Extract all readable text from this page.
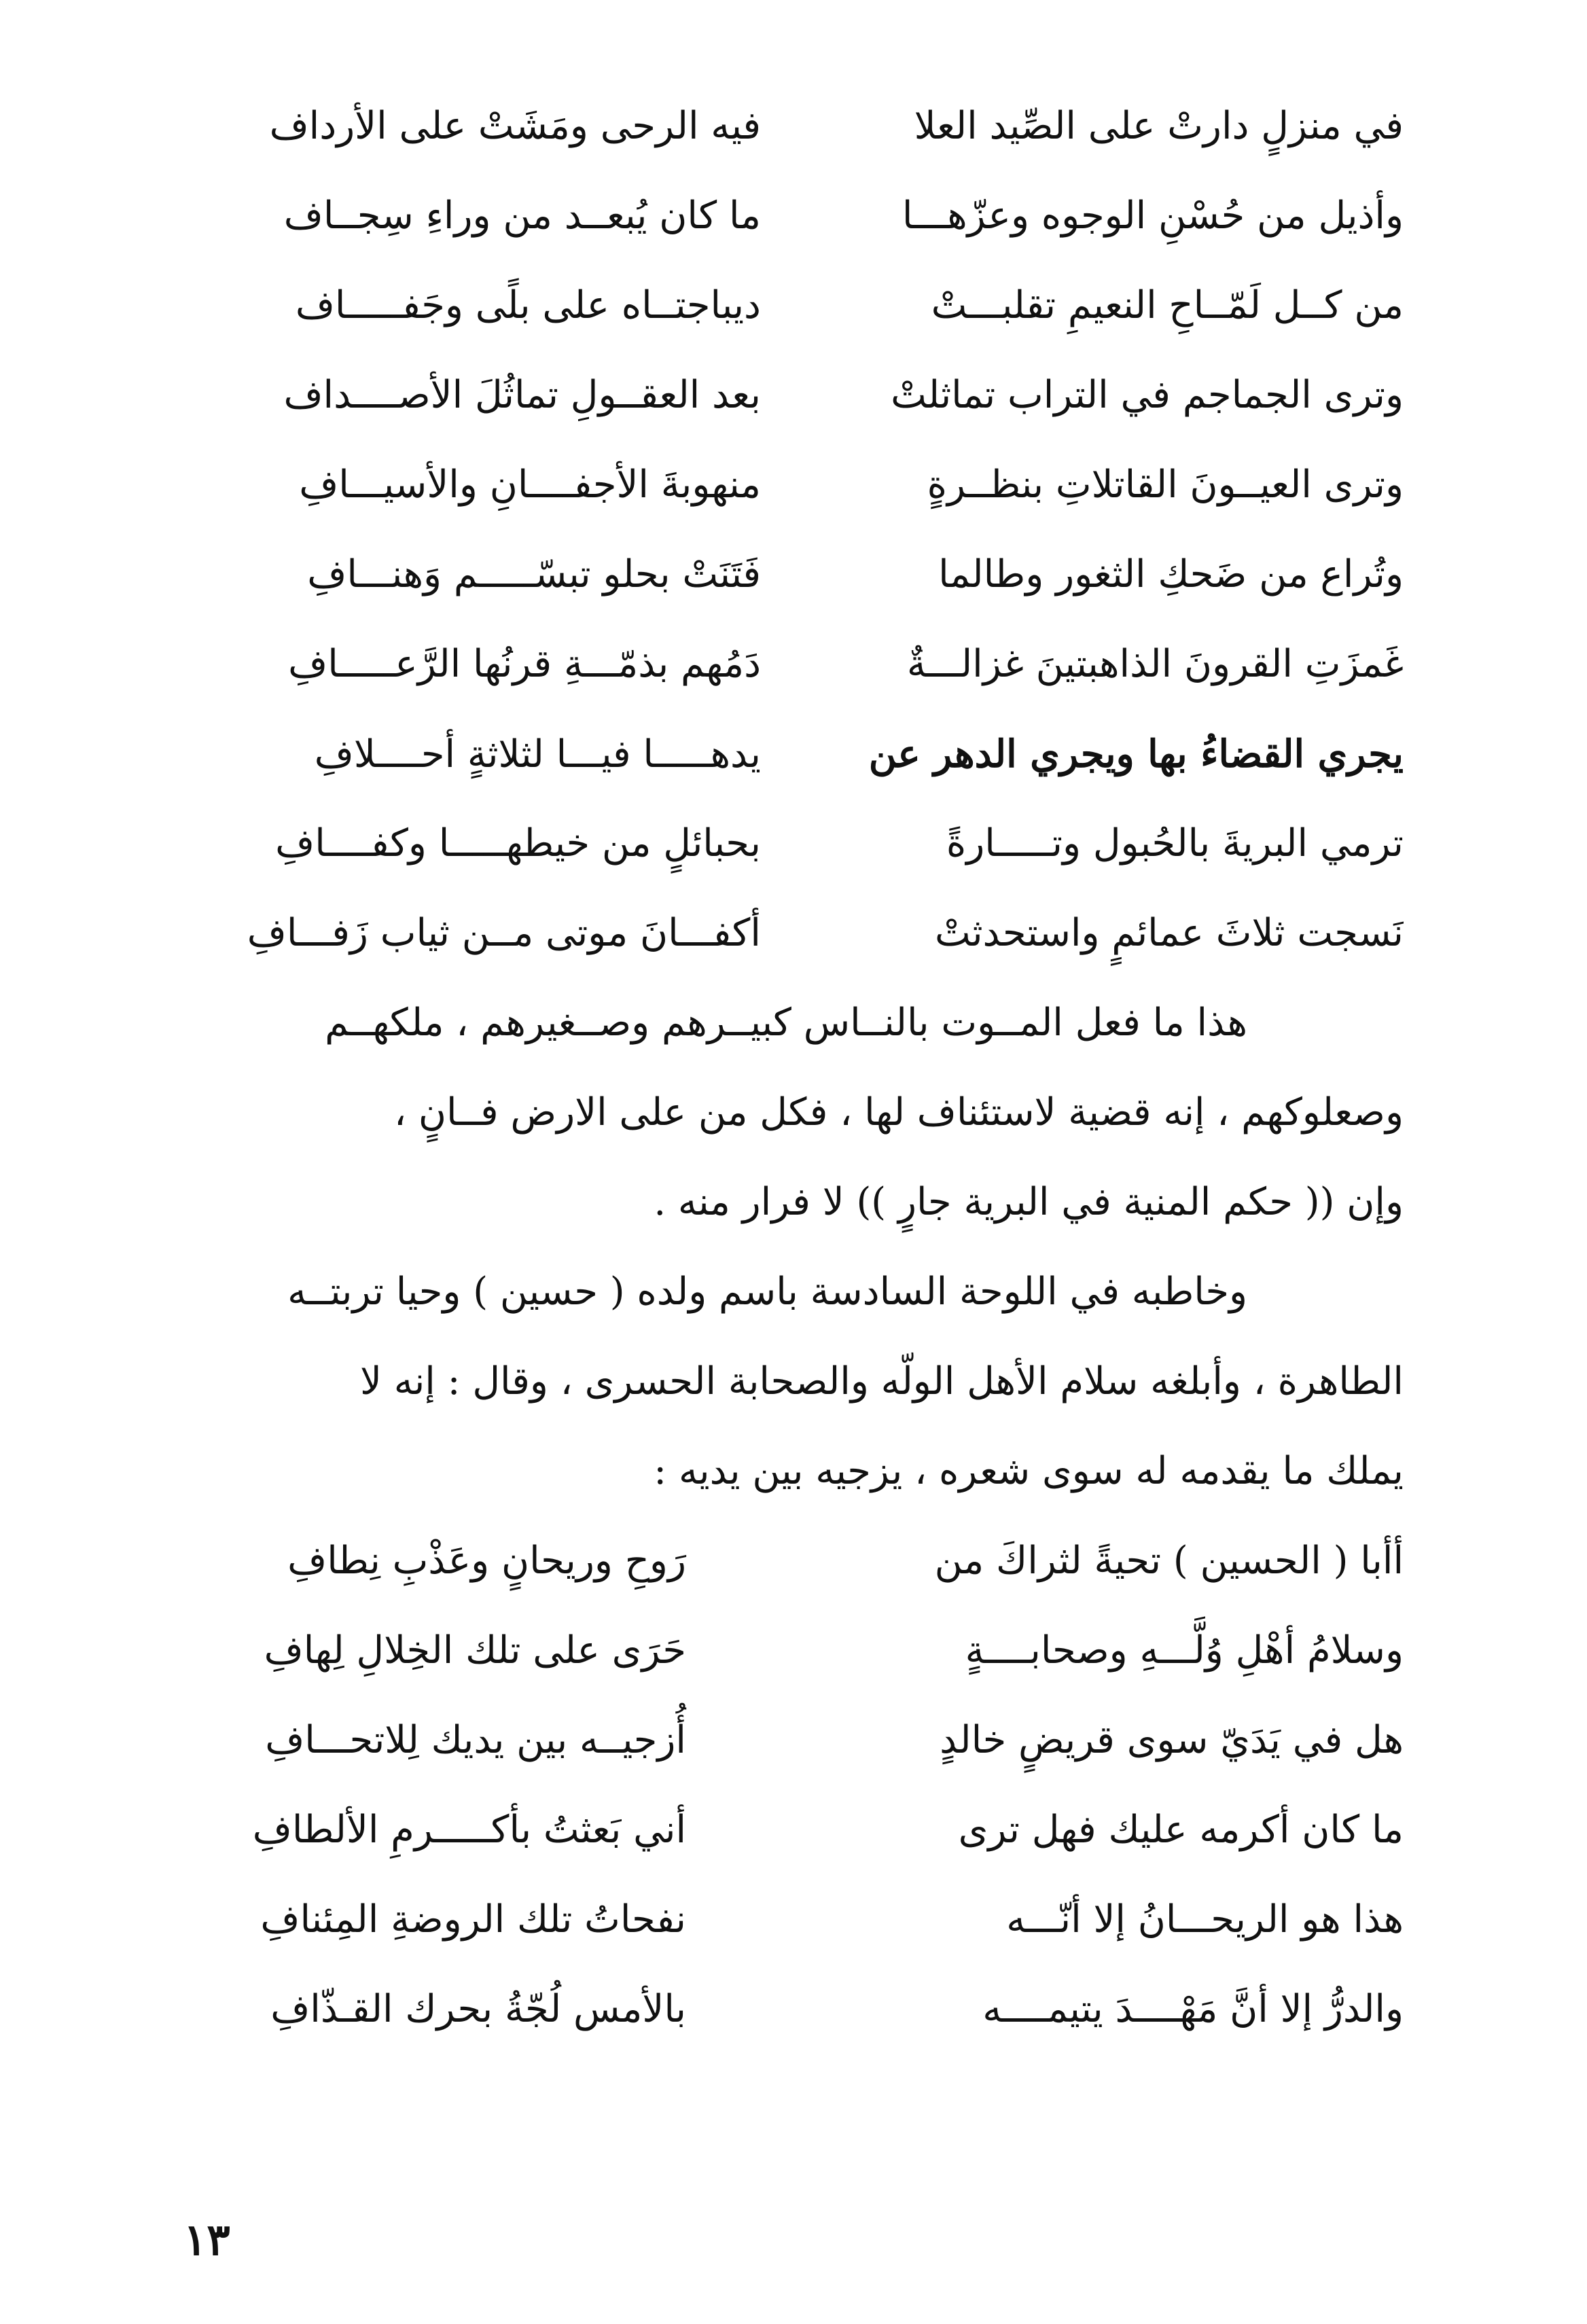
في منزلٍ دارتْ على الصِّيد العلا
فيه الرحى ومَشَتْ على الأرداف
وأذيل من حُسْنِ الوجوه وعزّهـــا
ما كان يُبعــد من وراءِ سِجــاف
من كــل لَمّــاحِ النعيمِ تقلبـــتْ
ديباجتــاه على بلًى وجَفـــــاف
وترى الجماجم في التراب تماثلتْ
بعد العقــولِ تماثُلَ الأصــــداف
وترى العيــونَ القاتلاتِ بنظــرةٍ
منهوبةَ الأجفــــانِ والأسيـــافِ
وتُراع من ضَحكِ الثغور وطالما
فَتَنَتْ بحلو تبسّـــــم وَهنـــافِ
غَمزَتِ القرونَ الذاهبتينَ غزالـــةٌ
دَمُهم بذمّـــةِ قرنُها الرَّعـــــافِ
يجري القضاءُ بها ويجري الدهر عن
يدهـــــا فيـــا لثلاثةٍ أحــــلافِ
ترمي البريةَ بالحُبول وتـــــارةً
بحبائلٍ من خيطهـــــا وكفــــافِ
نَسجت ثلاثَ عمائمٍ واستحدثتْ
أكفـــانَ موتى مــن ثياب زَفـــافِ
هذا ما فعل المــوت بالنــاس كبيــرهم وصــغيرهم ، ملكهــم
وصعلوكهم ، إنه قضية لاستئناف لها ، فكل من على الارض فــانٍ ،
وإن (( حكم المنية في البرية جارٍ )) لا فرار منه .
وخاطبه في اللوحة السادسة باسم ولده ( حسين ) وحيا تربتــه
الطاهرة ، وأبلغه سلام الأهل الولّه والصحابة الحسرى ، وقال : إنه لا
يملك ما يقدمه له سوى شعره ، يزجيه بين يديه :
أأبا ( الحسين ) تحيةً لثراكَ من
رَوحِ وريحانٍ وعَذْبِ نِطافِ
وسلامُ أهْلِ وُلَّـــهِ وصحابــــةٍ
حَرَى على تلك الخِلالِ لِهافِ
هل في يَدَيّ سوى قريضٍ خالدٍ
أُزجيــه بين يديك لِلاتحـــافِ
ما كان أكرمه عليك فهل ترى
أني بَعثتُ بأكـــــرمِ الألطافِ
هذا هو الريحـــانُ إلا أنّـــه
نفحاتُ تلك الروضةِ المِئنافِ
والدرُّ إلا أنَّ مَهْــــدَ يتيمــــه
بالأمس لُجّةُ بحرك القـذّافِ
١٣
